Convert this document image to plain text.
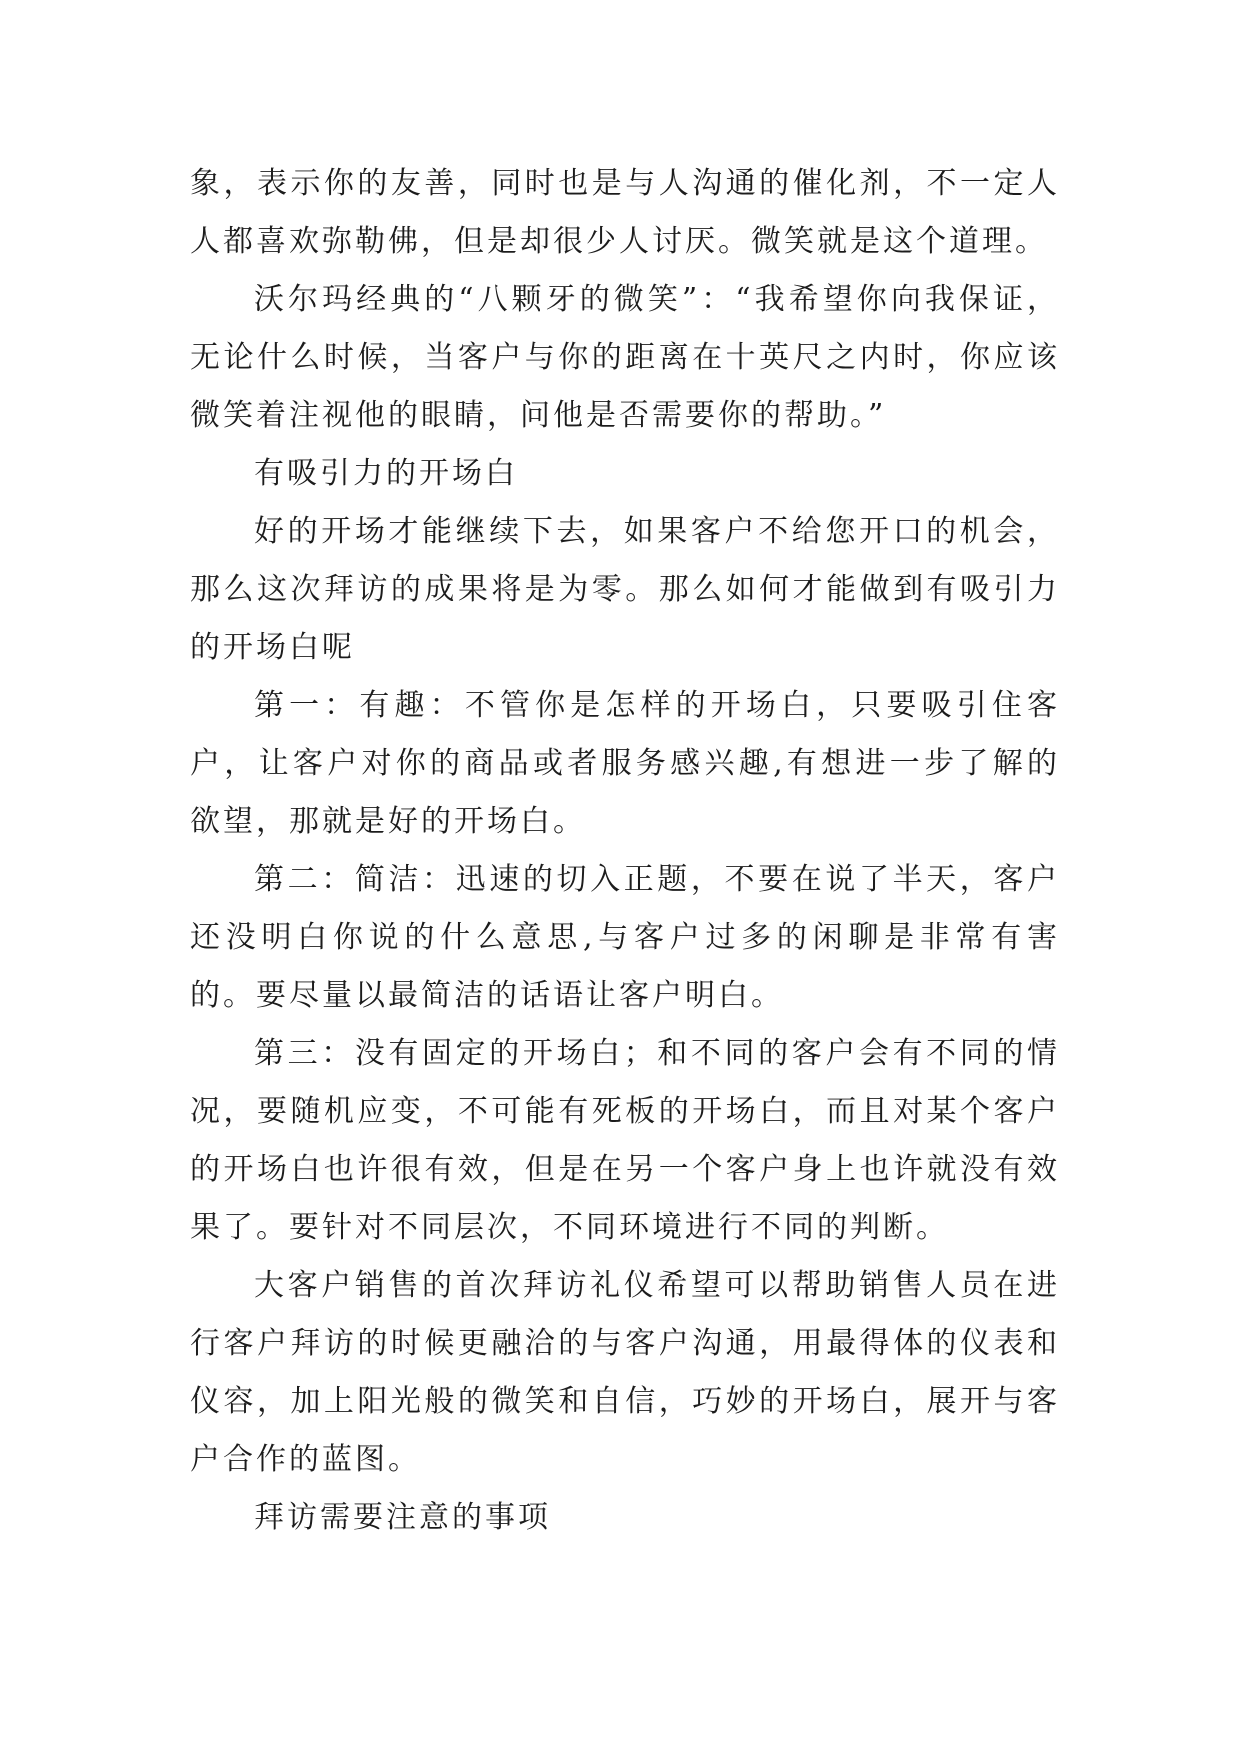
象，表示你的友善，同时也是与人沟通的催化剂，不一定人人都喜欢弥勒佛，但是却很少人讨厌。微笑就是这个道理。

沃尔玛经典的“八颗牙的微笑”：“我希望你向我保证，无论什么时候，当客户与你的距离在十英尺之内时，你应该微笑着注视他的眼睛，问他是否需要你的帮助。”

有吸引力的开场白

好的开场才能继续下去，如果客户不给您开口的机会，那么这次拜访的成果将是为零。那么如何才能做到有吸引力的开场白呢

第一：有趣：不管你是怎样的开场白，只要吸引住客户，让客户对你的商品或者服务感兴趣,有想进一步了解的欲望，那就是好的开场白。

第二：简洁：迅速的切入正题，不要在说了半天，客户还没明白你说的什么意思,与客户过多的闲聊是非常有害的。要尽量以最简洁的话语让客户明白。

第三：没有固定的开场白；和不同的客户会有不同的情况，要随机应变，不可能有死板的开场白，而且对某个客户的开场白也许很有效，但是在另一个客户身上也许就没有效果了。要针对不同层次，不同环境进行不同的判断。

大客户销售的首次拜访礼仪希望可以帮助销售人员在进行客户拜访的时候更融洽的与客户沟通，用最得体的仪表和仪容，加上阳光般的微笑和自信，巧妙的开场白，展开与客户合作的蓝图。

拜访需要注意的事项
